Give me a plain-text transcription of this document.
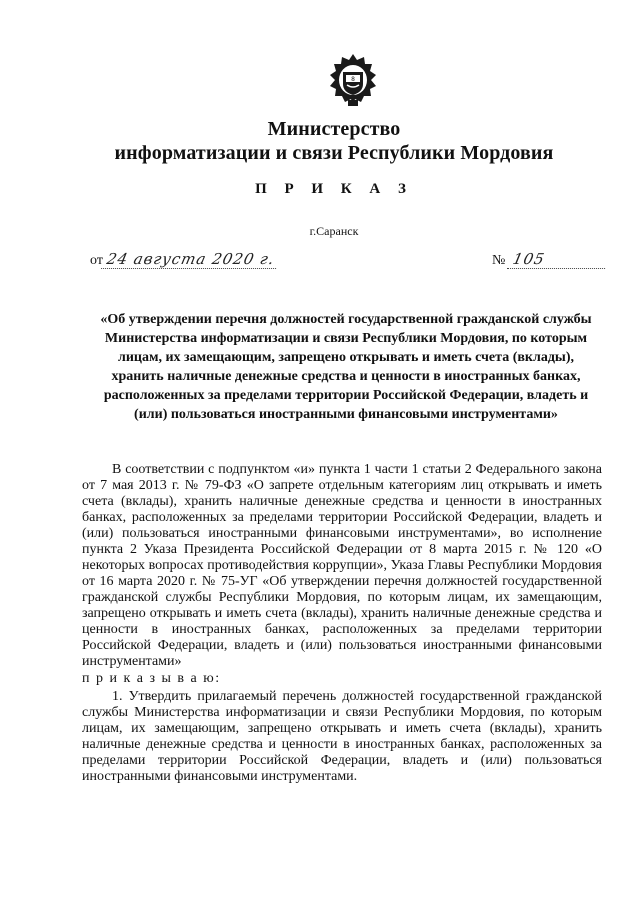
8
Министерство
информатизации и связи Республики Мордовия
П Р И К А З
г.Саранск
от 24 августа 2020 г.	№ 105
«Об утверждении перечня должностей государственной гражданской службы Министерства информатизации и связи Республики Мордовия, по которым лицам, их замещающим, запрещено открывать и иметь счета (вклады), хранить наличные денежные средства и ценности в иностранных банках, расположенных за пределами территории Российской Федерации, владеть и (или) пользоваться иностранными финансовыми инструментами»

В соответствии с подпунктом «и» пункта 1 части 1 статьи 2 Федерального закона от 7 мая 2013 г. № 79-ФЗ «О запрете отдельным категориям лиц открывать и иметь счета (вклады), хранить наличные денежные средства и ценности в иностранных банках, расположенных за пределами территории Российской Федерации, владеть и (или) пользоваться иностранными финансовыми инструментами», во исполнение пункта 2 Указа Президента Российской Федерации от 8 марта 2015 г. № 120 «О некоторых вопросах противодействия коррупции», Указа Главы Республики Мордовия от 16 марта 2020 г. № 75-УГ «Об утверждении перечня должностей государственной гражданской службы Республики Мордовия, по которым лицам, их замещающим, запрещено открывать и иметь счета (вклады), хранить наличные денежные средства и ценности в иностранных банках, расположенных за пределами территории Российской Федерации, владеть и (или) пользоваться иностранными финансовыми инструментами»

п р и к а з ы в а ю:

1. Утвердить прилагаемый перечень должностей государственной гражданской службы Министерства информатизации и связи Республики Мордовия, по которым лицам, их замещающим, запрещено открывать и иметь счета (вклады), хранить наличные денежные средства и ценности в иностранных банках, расположенных за пределами территории Российской Федерации, владеть и (или) пользоваться иностранными финансовыми инструментами.
